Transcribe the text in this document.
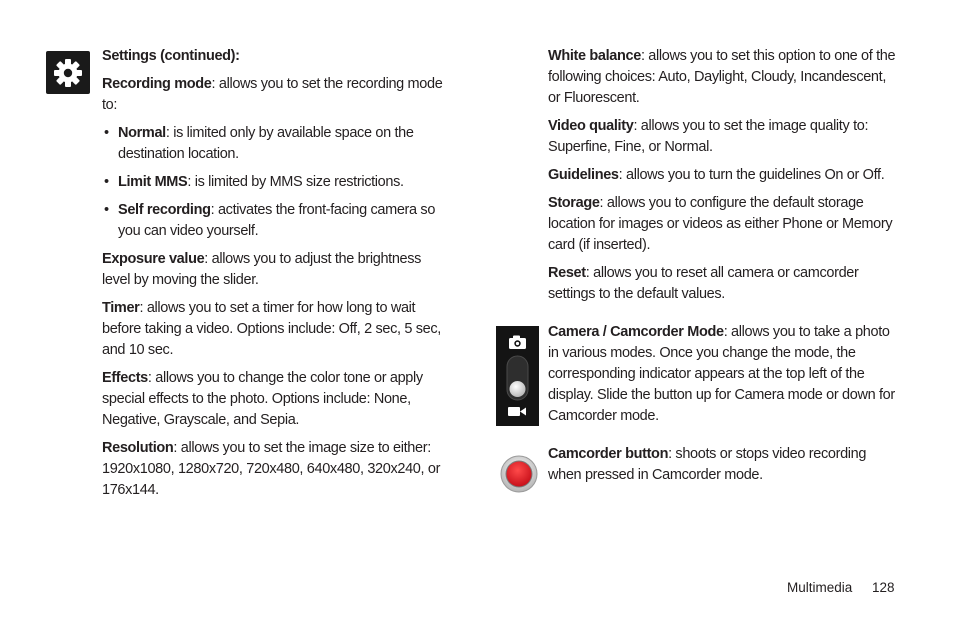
Settings (continued):

Recording mode: allows you to set the recording mode to:

• Normal: is limited only by available space on the destination location.
• Limit MMS: is limited by MMS size restrictions.
• Self recording: activates the front-facing camera so you can video yourself.

Exposure value: allows you to adjust the brightness level by moving the slider.

Timer: allows you to set a timer for how long to wait before taking a video. Options include: Off, 2 sec, 5 sec, and 10 sec.

Effects: allows you to change the color tone or apply special effects to the photo. Options include: None, Negative, Grayscale, and Sepia.

Resolution: allows you to set the image size to either: 1920x1080, 1280x720, 720x480, 640x480, 320x240, or 176x144.

White balance: allows you to set this option to one of the following choices: Auto, Daylight, Cloudy, Incandescent, or Fluorescent.

Video quality: allows you to set the image quality to: Superfine, Fine, or Normal.

Guidelines: allows you to turn the guidelines On or Off.

Storage: allows you to configure the default storage location for images or videos as either Phone or Memory card (if inserted).

Reset: allows you to reset all camera or camcorder settings to the default values.

Camera / Camcorder Mode: allows you to take a photo in various modes. Once you change the mode, the corresponding indicator appears at the top left of the display. Slide the button up for Camera mode or down for Camcorder mode.

Camcorder button: shoots or stops video recording when pressed in Camcorder mode.

Multimedia 128
